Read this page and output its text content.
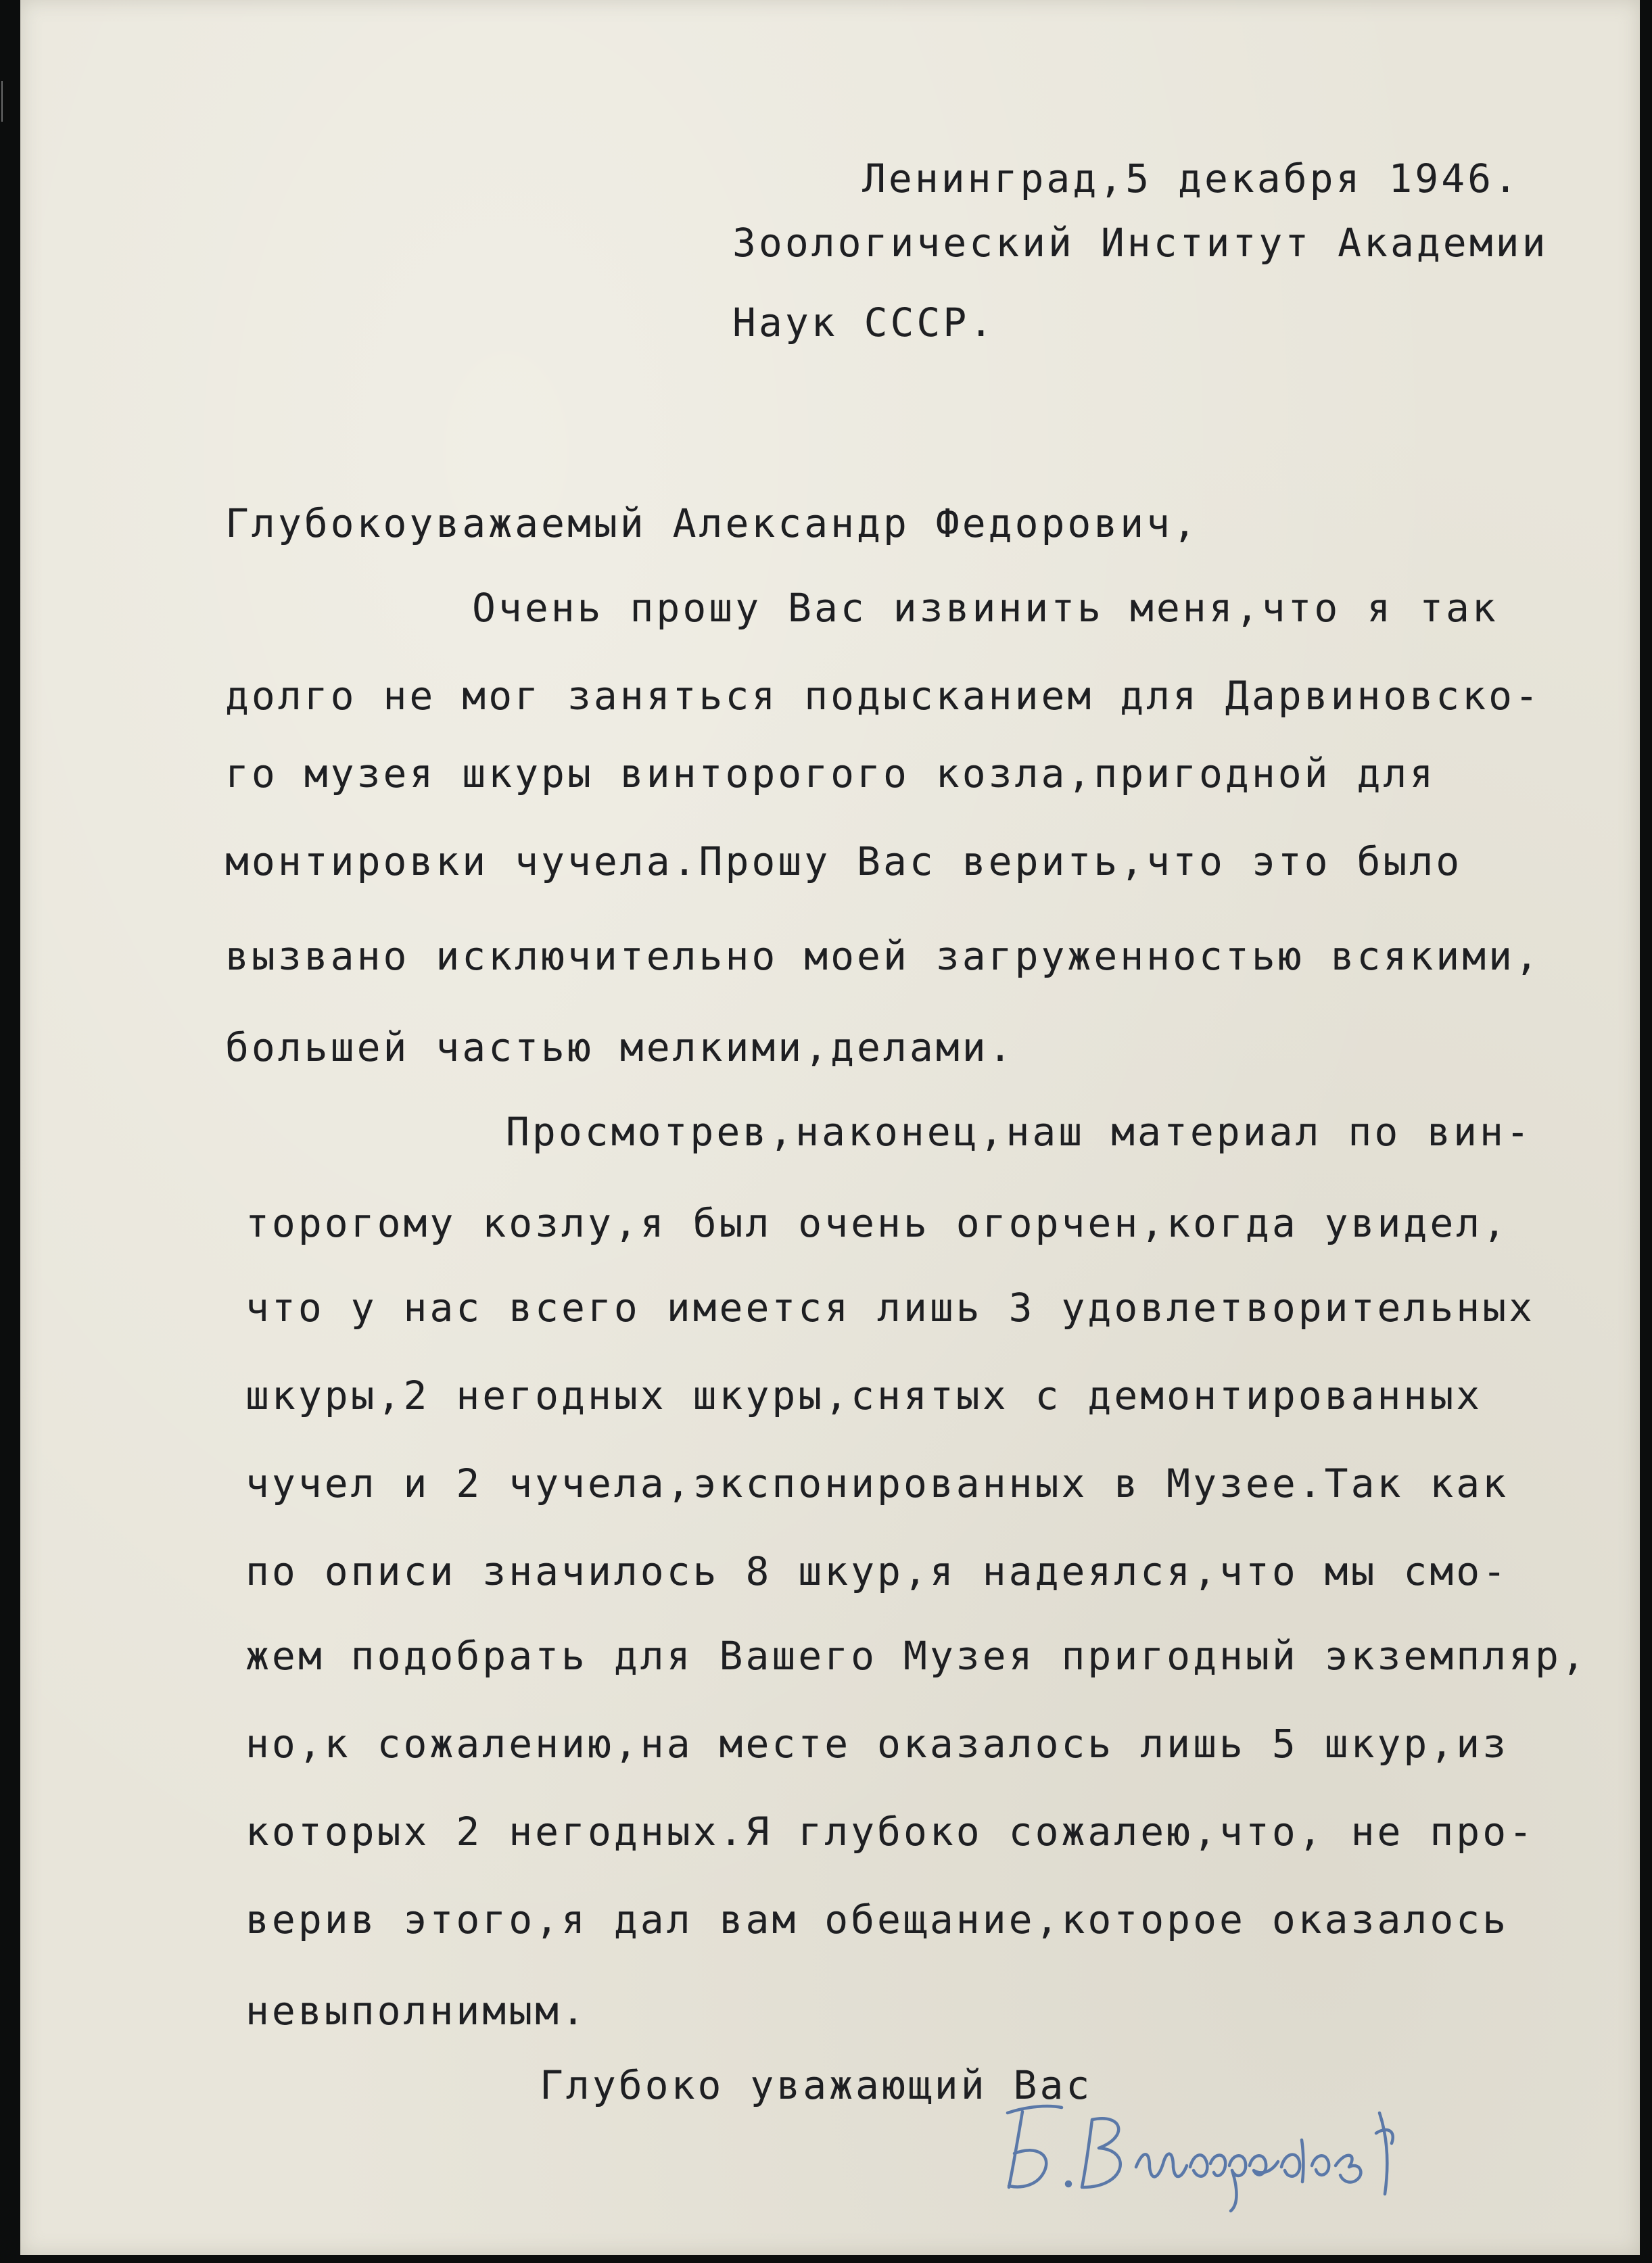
Ленинград,5 декабря 1946.
Зоологический Институт Академии
Наук СССР.
Глубокоуважаемый Александр Федорович,
Очень прошу Вас извинить меня,что я так
долго не мог заняться подысканием для Дарвиновско-
го музея шкуры винторогого козла,пригодной для
монтировки чучела.Прошу Вас верить,что это было
вызвано исключительно моей загруженностью всякими,
большей частью мелкими,делами.
Просмотрев,наконец,наш материал по вин-
торогому козлу,я был очень огорчен,когда увидел,
что у нас всего имеется лишь 3 удовлетворительных
шкуры,2 негодных шкуры,снятых с демонтированных
чучел и 2 чучела,экспонированных в Музее.Так как
по описи значилось 8 шкур,я надеялся,что мы смо-
жем подобрать для Вашего Музея пригодный экземпляр,
но,к сожалению,на месте оказалось лишь 5 шкур,из
которых 2 негодных.Я глубоко сожалею,что, не про-
верив этого,я дал вам обещание,которое оказалось
невыполнимым.
Глубоко уважающий Вас
